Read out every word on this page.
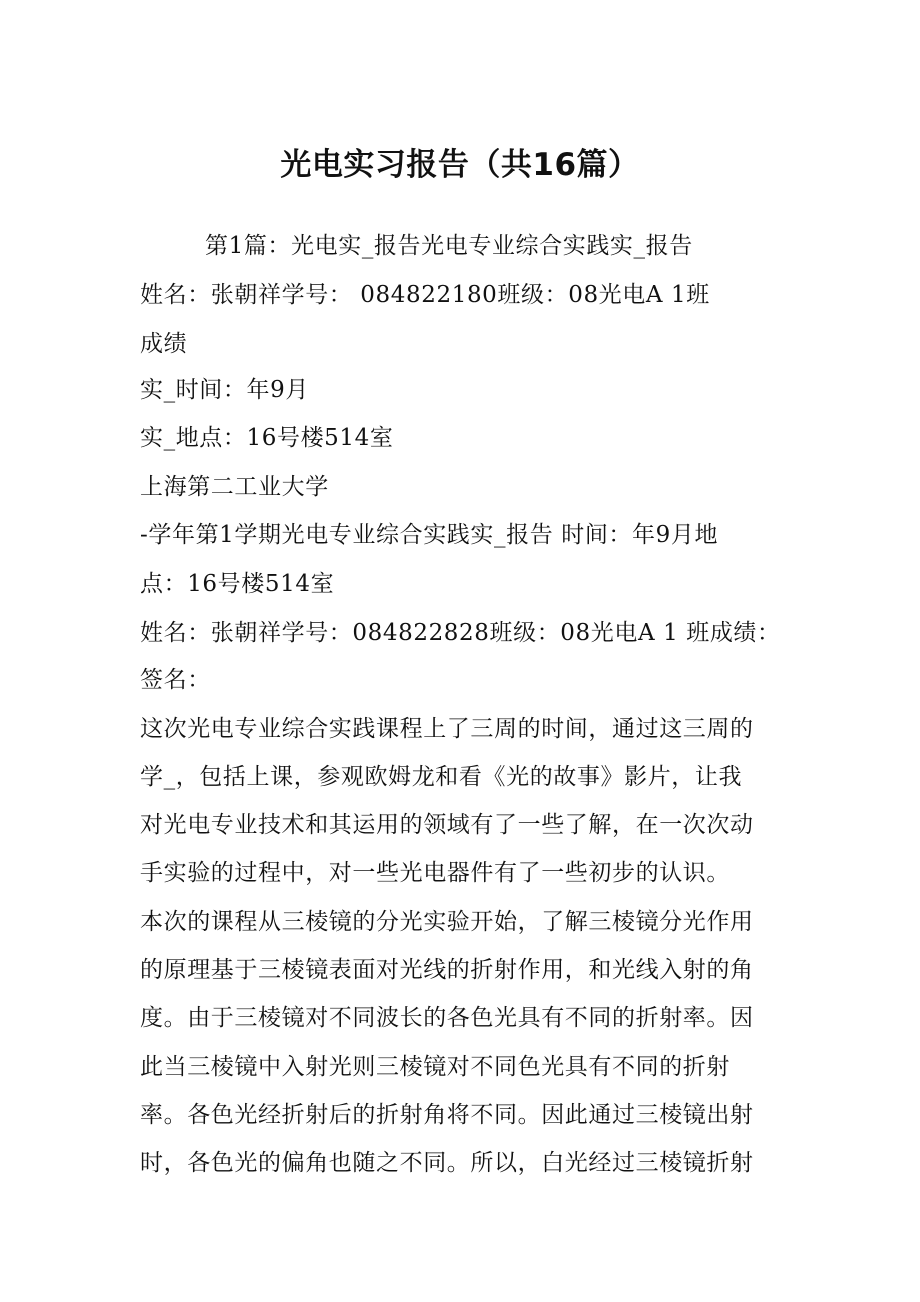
光电实习报告（共16篇）
第1篇：光电实_报告光电专业综合实践实_报告
姓名：张朝祥学号： 084822180班级：08光电A 1班
成绩
实_时间：年9月
实_地点：16号楼514室
上海第二工业大学
-学年第1学期光电专业综合实践实_报告 时间：年9月地
点：16号楼514室
姓名：张朝祥学号：084822828班级：08光电A 1 班成绩：
签名：
这次光电专业综合实践课程上了三周的时间，通过这三周的
学_，包括上课，参观欧姆龙和看《光的故事》影片，让我
对光电专业技术和其运用的领域有了一些了解，在一次次动
手实验的过程中，对一些光电器件有了一些初步的认识。
本次的课程从三棱镜的分光实验开始，了解三棱镜分光作用
的原理基于三棱镜表面对光线的折射作用，和光线入射的角
度。由于三棱镜对不同波长的各色光具有不同的折射率。因
此当三棱镜中入射光则三棱镜对不同色光具有不同的折射
率。各色光经折射后的折射角将不同。因此通过三棱镜出射
时，各色光的偏角也随之不同。所以，白光经过三棱镜折射
